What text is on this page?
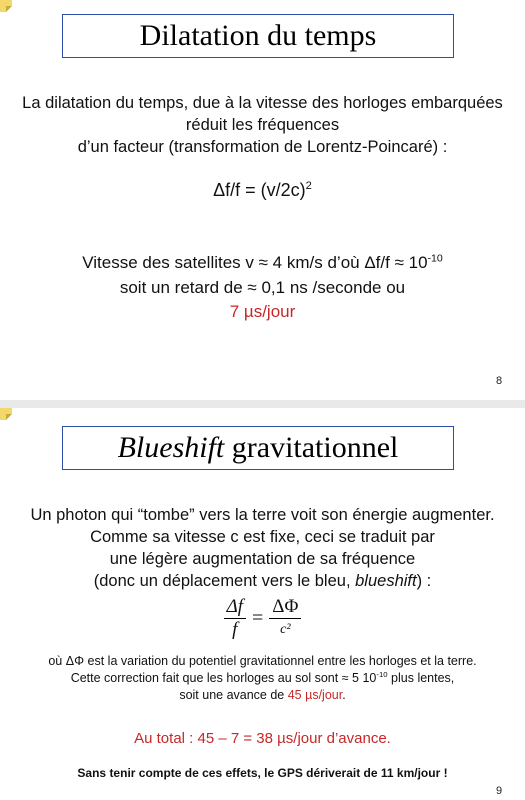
Dilatation du temps
La dilatation du temps, due à la vitesse des horloges embarquées
réduit les fréquences
d’un facteur (transformation de Lorentz-Poincaré) :
$\Delta f/f = (v/2c)^2$
Vitesse des satellites v ≈ 4 km/s d’où $\Delta f/f \approx 10^{-10}$
soit un retard de ≈ 0,1 ns /seconde ou
7 µs/jour
8
Blueshift gravitationnel
Un photon qui “tombe” vers la terre voit son énergie augmenter.
Comme sa vitesse c est fixe, ceci se traduit par
une légère augmentation de sa fréquence
(donc un déplacement vers le bleu, blueshift) :
$\frac{\Delta f}{f} = \frac{\Delta\Phi}{\text{c²}}$
où ΔΦ est la variation du potentiel gravitationnel entre les horloges et la terre.
Cette correction fait que les horloges au sol sont ≈ 5 $10^{-10}$ plus lentes,
soit une avance de 45 µs/jour.
Au total : 45 – 7 = 38 µs/jour d’avance.
Sans tenir compte de ces effets, le GPS dériverait de 11 km/jour !
9
